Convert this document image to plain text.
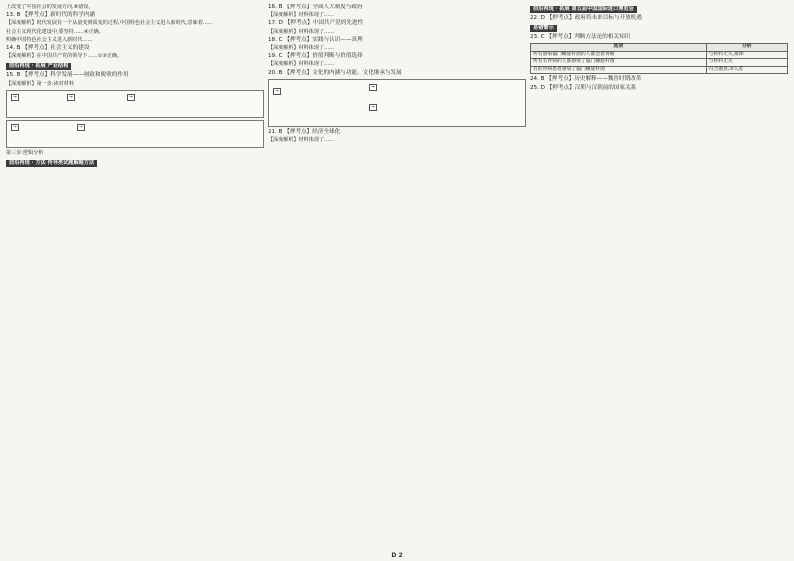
上改变了中国社会的发展方向,⑥错误。

13. B 【押考点】新时代的科学内涵

【深度解析】时代发展有一个从量变到质变的过程,中国特色社会主义进入新时代,意味着……

社会主义现代化建设中,要坚持……④正确。

明确中国特色社会主义进入新时代……

14. B 【押考点】社会主义的建设

【深度解析】在中国共产党的领导下……①③正确。

前沿再现 · 拓展 产业结构

15. B 【押考点】科学发展——财政和税收的作用

【深度解析】第一步:读对材料

→	→	→
→	→

第三步:逻辑分析

前沿再现 · 方法 传导类试题解题方法

16. B 【押考点】全面人大制度与政府

【深度解析】材料体现了……

17. D 【押考点】中国共产党的先进性

【深度解析】材料体现了……

18. C 【押考点】实践与认识——真理

【深度解析】材料体现了……

19. C 【押考点】价值判断与价值选择

【深度解析】材料体现了……

20. B 【押考点】文化的内涵与功能、文化继承与发展

→
→
→

21. B 【押考点】经济全球化

【深度解析】材料体现了……

前沿再现 · 拓展 第五届中国国际进口博览会

22. D 【押考点】政府将未来目标与开放机遇

易错警示

23. C 【押考点】判断方法论的相关知识

选项	分析
所有感染偏门螺旋杆菌的人都会患胃癌	与材料无关,排除
所有有胃病的人都感染了偏门螺旋杆菌	与材料无关
有的胃病患者感染了偏门螺旋杆菌	符合题意,③入选

24. B 【押考点】历史解释——魏晋时期改革

25. D 【押考点】汉朝与汉朝前的国家关系

D 2
